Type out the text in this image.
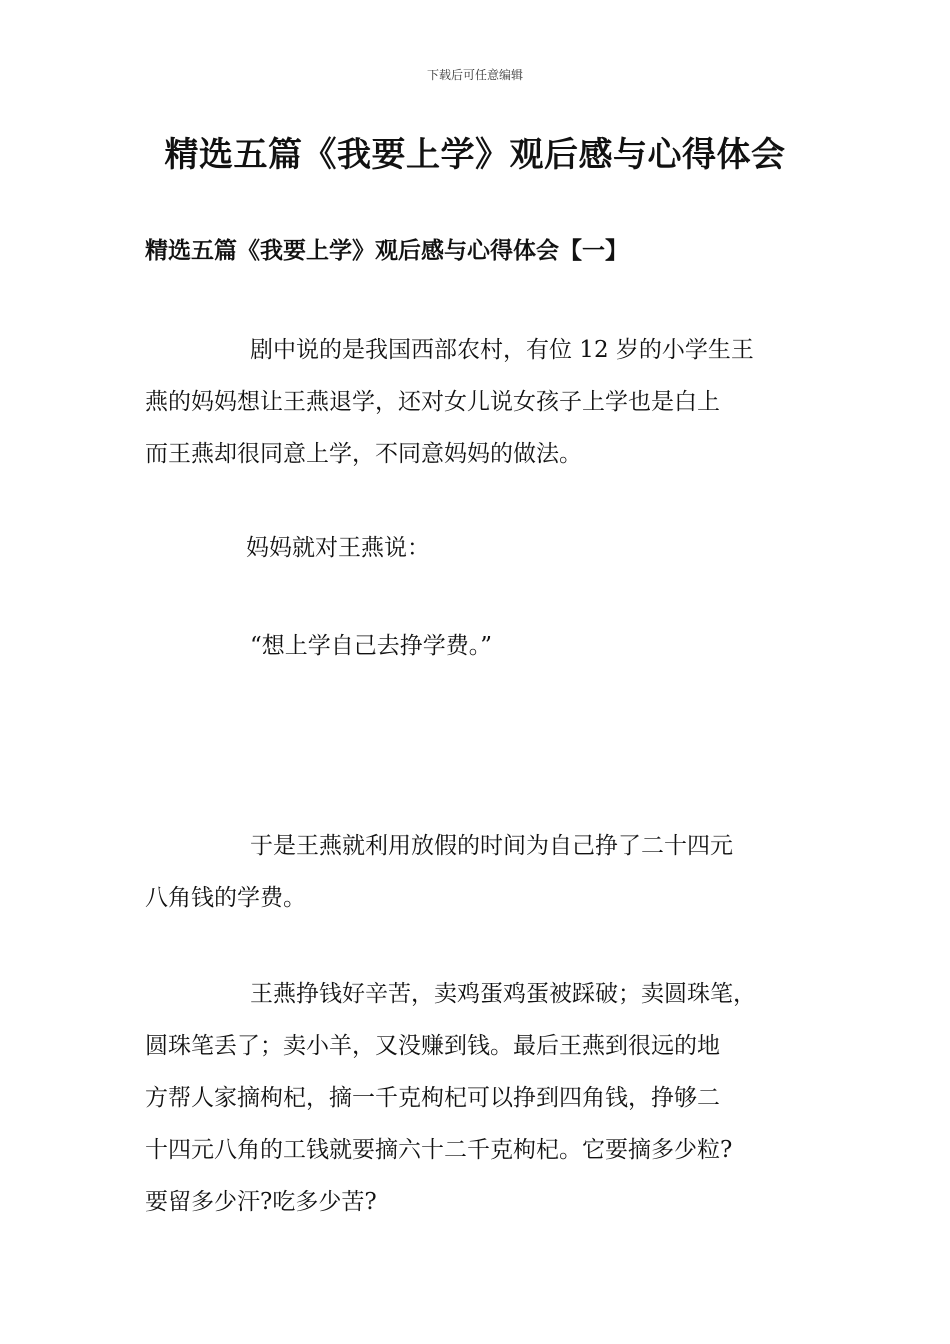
下载后可任意编辑
精选五篇《我要上学》观后感与心得体会
精选五篇《我要上学》观后感与心得体会【一】
剧中说的是我国西部农村，有位 12 岁的小学生王
燕的妈妈想让王燕退学，还对女儿说女孩子上学也是白上
而王燕却很同意上学，不同意妈妈的做法。
妈妈就对王燕说：
“想上学自己去挣学费。”
于是王燕就利用放假的时间为自己挣了二十四元
八角钱的学费。
王燕挣钱好辛苦，卖鸡蛋鸡蛋被踩破；卖圆珠笔，
圆珠笔丢了；卖小羊，又没赚到钱。最后王燕到很远的地
方帮人家摘枸杞，摘一千克枸杞可以挣到四角钱，挣够二
十四元八角的工钱就要摘六十二千克枸杞。它要摘多少粒?
要留多少汗?吃多少苦?
